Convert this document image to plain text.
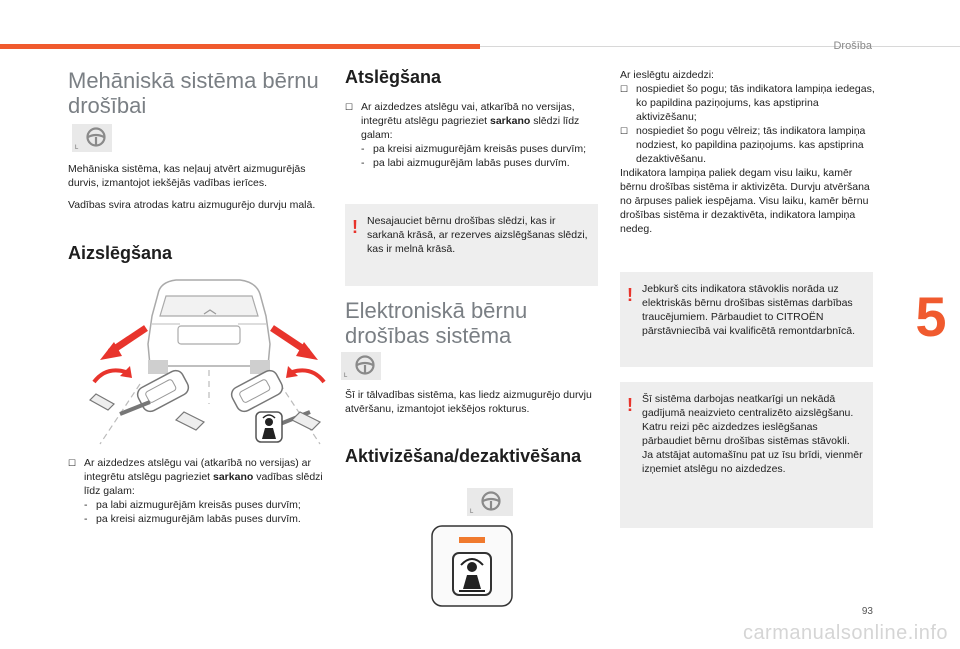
Drošība
5
93
carmanualsonline.info
Mehāniskā sistēma bērnu drošībai
L

Mehāniska sistēma, kas neļauj atvērt aizmugurējās durvis, izmantojot iekšējās vadības ierīces.

Vadības svira atrodas katru aizmugurējo durvju malā.

Aizslēgšana
☐ Ar aizdedzes atslēgu vai (atkarībā no versijas) ar integrētu atslēgu pagrieziet sarkano vadības slēdzi līdz galam:
- pa labi aizmugurējām kreisās puses durvīm;
- pa kreisi aizmugurējām labās puses durvīm.
Atslēgšana
☐ Ar aizdedzes atslēgu vai, atkarībā no versijas, integrētu atslēgu pagrieziet sarkano slēdzi līdz galam:
- pa kreisi aizmugurējām kreisās puses durvīm;
- pa labi aizmugurējām labās puses durvīm.
! Nesajauciet bērnu drošības slēdzi, kas ir sarkanā krāsā, ar rezerves aizslēgšanas slēdzi, kas ir melnā krāsā.
Elektroniskā bērnu drošības sistēma
L

Šī ir tālvadības sistēma, kas liedz aizmugurējo durvju atvēršanu, izmantojot iekšējos rokturus.

Aktivizēšana/dezaktivēšana
L
Ar ieslēgtu aizdedzi:
☐ nospiediet šo pogu; tās indikatora lampiņa iedegas, ko papildina paziņojums, kas apstiprina aktivizēšanu;
☐ nospiediet šo pogu vēlreiz; tās indikatora lampiņa nodziest, ko papildina paziņojums. kas apstiprina dezaktivēšanu.
Indikatora lampiņa paliek degam visu laiku, kamēr bērnu drošības sistēma ir aktivizēta. Durvju atvēršana no ārpuses paliek iespējama. Visu laiku, kamēr bērnu drošības sistēma ir dezaktivēta, indikatora lampiņa nedeg.
! Jebkurš cits indikatora stāvoklis norāda uz elektriskās bērnu drošības sistēmas darbības traucējumiem. Pārbaudiet to CITROËN pārstāvniecībā vai kvalificētā remontdarbnīcā.
! Šī sistēma darbojas neatkarīgi un nekādā gadījumā neaizvieto centralizēto aizslēgšanu. Katru reizi pēc aizdedzes ieslēgšanas pārbaudiet bērnu drošības sistēmas stāvokli. Ja atstājat automašīnu pat uz īsu brīdi, vienmēr izņemiet atslēgu no aizdedzes.
